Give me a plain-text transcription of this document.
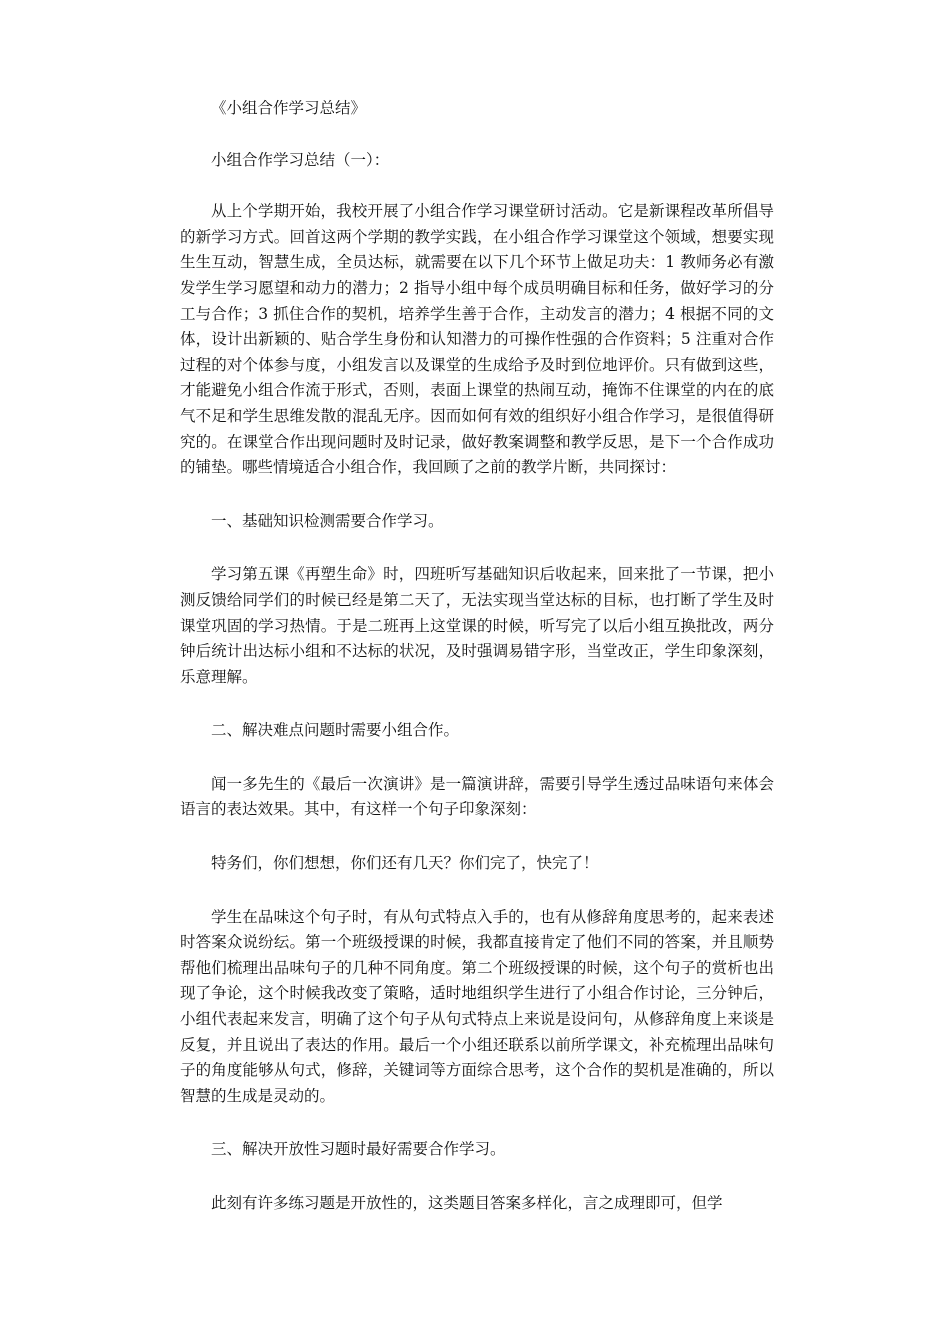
《小组合作学习总结》

小组合作学习总结（一）：

从上个学期开始，我校开展了小组合作学习课堂研讨活动。它是新课程改革所倡导的新学习方式。回首这两个学期的教学实践，在小组合作学习课堂这个领域，想要实现生生互动，智慧生成，全员达标，就需要在以下几个环节上做足功夫：1 教师务必有激发学生学习愿望和动力的潜力；2 指导小组中每个成员明确目标和任务，做好学习的分工与合作；3 抓住合作的契机，培养学生善于合作，主动发言的潜力；4 根据不同的文体，设计出新颖的、贴合学生身份和认知潜力的可操作性强的合作资料；5 注重对合作过程的对个体参与度，小组发言以及课堂的生成给予及时到位地评价。只有做到这些，才能避免小组合作流于形式，否则，表面上课堂的热闹互动，掩饰不住课堂的内在的底气不足和学生思维发散的混乱无序。因而如何有效的组织好小组合作学习，是很值得研究的。在课堂合作出现问题时及时记录，做好教案调整和教学反思，是下一个合作成功的铺垫。哪些情境适合小组合作，我回顾了之前的教学片断，共同探讨：

一、基础知识检测需要合作学习。

学习第五课《再塑生命》时，四班听写基础知识后收起来，回来批了一节课，把小测反馈给同学们的时候已经是第二天了，无法实现当堂达标的目标，也打断了学生及时课堂巩固的学习热情。于是二班再上这堂课的时候，听写完了以后小组互换批改，两分钟后统计出达标小组和不达标的状况，及时强调易错字形，当堂改正，学生印象深刻，乐意理解。

二、解决难点问题时需要小组合作。

闻一多先生的《最后一次演讲》是一篇演讲辞，需要引导学生透过品味语句来体会语言的表达效果。其中，有这样一个句子印象深刻：

特务们，你们想想，你们还有几天？你们完了，快完了！

学生在品味这个句子时，有从句式特点入手的，也有从修辞角度思考的，起来表述时答案众说纷纭。第一个班级授课的时候，我都直接肯定了他们不同的答案，并且顺势帮他们梳理出品味句子的几种不同角度。第二个班级授课的时候，这个句子的赏析也出现了争论，这个时候我改变了策略，适时地组织学生进行了小组合作讨论，三分钟后，小组代表起来发言，明确了这个句子从句式特点上来说是设问句，从修辞角度上来谈是反复，并且说出了表达的作用。最后一个小组还联系以前所学课文，补充梳理出品味句子的角度能够从句式，修辞，关键词等方面综合思考，这个合作的契机是准确的，所以智慧的生成是灵动的。

三、解决开放性习题时最好需要合作学习。

此刻有许多练习题是开放性的，这类题目答案多样化，言之成理即可，但学
